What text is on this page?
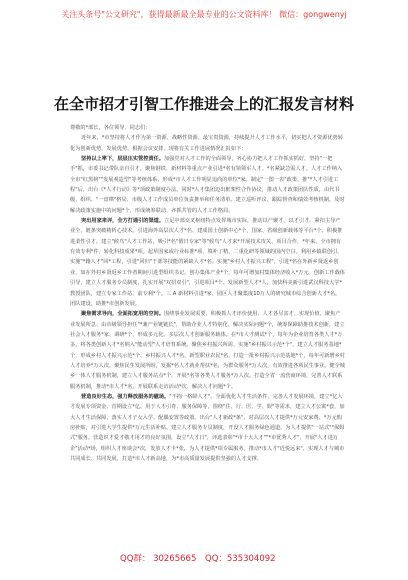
关注头条号"公文研究"，获得最新最全最专业的公文资料库！ 微信：gongwenyj
在全市招才引智工作推进会上的汇报发言材料

尊敬的*部长，各位领导、同志们：

近年来，*市坚持将人才作为第一资源、战略性资源、最宝贵资源，持续提升人才工作水平，切实把人才资源优势转化为创新优势、发展优势。根据会议安排，现将有关工作进展情况汇报如下：

坚持以上率下，层层压实管控责任。加强党对人才工作的全面领导，齐心协力把人才工作抓实抓好。坚持"一把手"抓，市委书记带队亲自引才，聚焦钢铁、新材料等重点产业引进*名有领领军人才。*名紧缺急需人才。人才工作纳入全市"红黑榜""发展观造型"等考核体系。形成*市人才工作明显追尚的单位*家。制定"一图一表"政策、推"*人才引进工程"后，出台《*人才行动》等*项政策制度办法。同时*人才集团迈出框架性合作协议，推动人才政策团队性质，由代书级、组织、"一盘棋"格局、市级人才工作成员单位负责推举和任务清单。建立巡听评议、跟踪督查和绩效考核机制，及时解决政策实施中的问题*个，形成统筹联动、齐抓共管的人才工作格局。

突出用家来评，全方打通引的渠道。立足中部交叉枢纽特点发挥城市实际，推动以产聚才、以才引才。紧扣主导产业全、链条突破精析心技术。引进海外高层次人才*名、建成国士创新中心*个，国家、省级创新载体等平台*个。积极推进柔性引才，建立"候鸟"人才工作站，吸引*名"假日专家"等"候鸟"人才来*开展技术攻关、项目合作，*年来、全市拥有有效专利*件，转化科技成果*项。起草国家或行业标准*项、填补了精、二重化研等领域的国内空白。利用乡镇联创引、实施"*籍人才"回*工程，引进"回归"干部等技能的紧缺人才*名。实施"乡村人才振兴工程"，引进*名在外新乡贤返乡创业、如在外村乡贤返乡工作者期间引进型组织书记，创办集体产业*个，每年可增加村集体经济收入*万元。创新工作载体引导，建立人才服务专员制度，扎实开展"双招双引"，引进项目*个、发展新型人才*人，加快科美新引进武汉科技大学*教授团队，建立专家工作站、前专利*个、三 A 新材料引进*家、园区人才聚集度10万人的研究城市综合创新人才*名。团队建设，助推*市创新发展。

聚焦需求导向，全面拓宽用的空间。围绕事业发展需要，积极抓人才评价使用、人才各尽其才、实现价值、聚焦产业发展所急、由市级领导担任"*兼产业链链长"，帮助企业人才特别化、解决实际问题*个，统筹保障助推技术创新，建立社会人才服务*家、调研*个，形成多元化、多层次人才创新服务载体。在*市人才测试*个，每年为企业培育各类人才*万多，将各类创新人才*名纳入"能动型"人才培育系统。聚焦乡村振兴所需、实施"乡村振兴示范*个"，建立人才服务基地*个，形成乡村人才振兴示范*个、乡村振兴人才*名、新型职业农民*名。打造一批乡村振兴示范基地*个，每年可新增乡村人才培养*万人次。聚焦民生发展所盼，发掘*名人才就业帮扶*名，为群众服务*万人次，有效推进各项民生事业。健全城乡一体人才服务机制，建立人才服务站点*个，开展*名等各类人才服务*万人次。打造全省一流营商环境，完善人才联系服务机制，推动*市人才*名，开展联系走访活动*次、解决人才问题*个。

营造良好生态，强力释放服务的磁场。"不拘一格降人才"。全面优化人才生活条件，完善人才发展环境，建立*亿人才发展专项资金、首期设立*亿、用于人才引育、服务保障等，围绕"住、行、医、学、娱"等需求，建立人才公寓*套，加大人才生活保障，落实人才子女入学、配偶安置等政策。出台"人才新政*条"，对高层次人才提供*万元安家费、*万元购房补贴，对引进大学生提供*万元生活补贴。建立人才服务专员制度，开设人才服务绿色通道，为人才提供"一站式""保姆式"服务。营造识才爱才敬才用才的良好氛围，设立"人才日"，评选表彰"*市十大人才""*市优秀人才"，开展"人才进万企"活动*场，组织人才座谈会*次，发放人才卡*张，为人才提供*项专属服务。推动*市人才"近悦远来"，实现人才与城市共同成长、共同发展，打造*市人才新高地，为*市高质量发展提供坚强的人才支撑。

QQ群： 30265665 QQ：535304092
